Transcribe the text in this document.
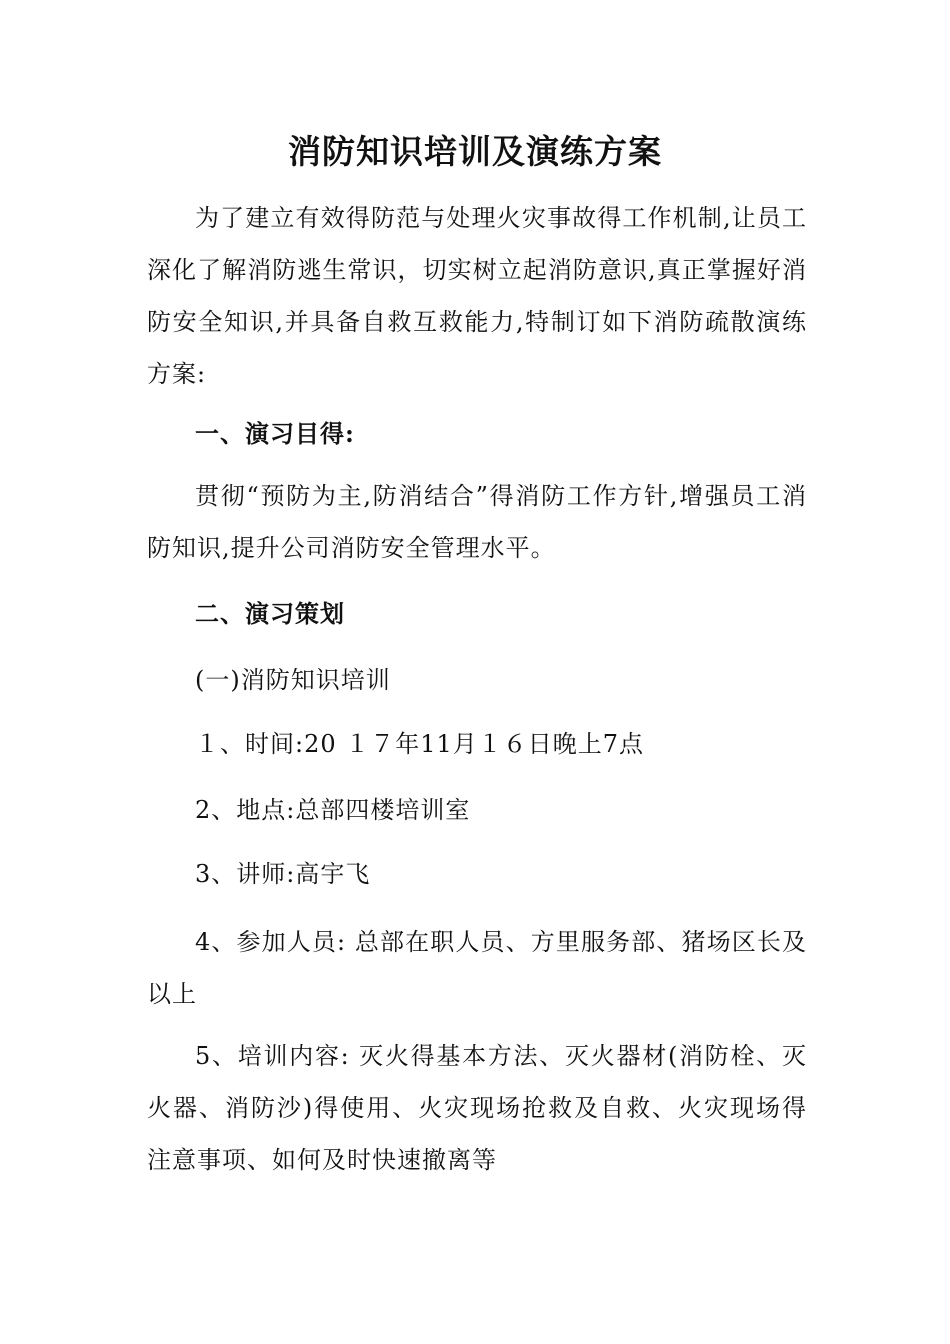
消防知识培训及演练方案
为了建立有效得防范与处理火灾事故得工作机制,让员工深化了解消防逃生常识，切实树立起消防意识,真正掌握好消防安全知识,并具备自救互救能力,特制订如下消防疏散演练方案:
一、演习目得:
贯彻“预防为主,防消结合”得消防工作方针,增强员工消防知识,提升公司消防安全管理水平。
二、演习策划
(一)消防知识培训
１、时间:20 １７年11月１６日晚上7点
2、地点:总部四楼培训室
3、讲师:高宇飞
4、参加人员: 总部在职人员、方里服务部、猪场区长及以上
5、培训内容: 灭火得基本方法、灭火器材(消防栓、灭火器、消防沙)得使用、火灾现场抢救及自救、火灾现场得注意事项、如何及时快速撤离等
